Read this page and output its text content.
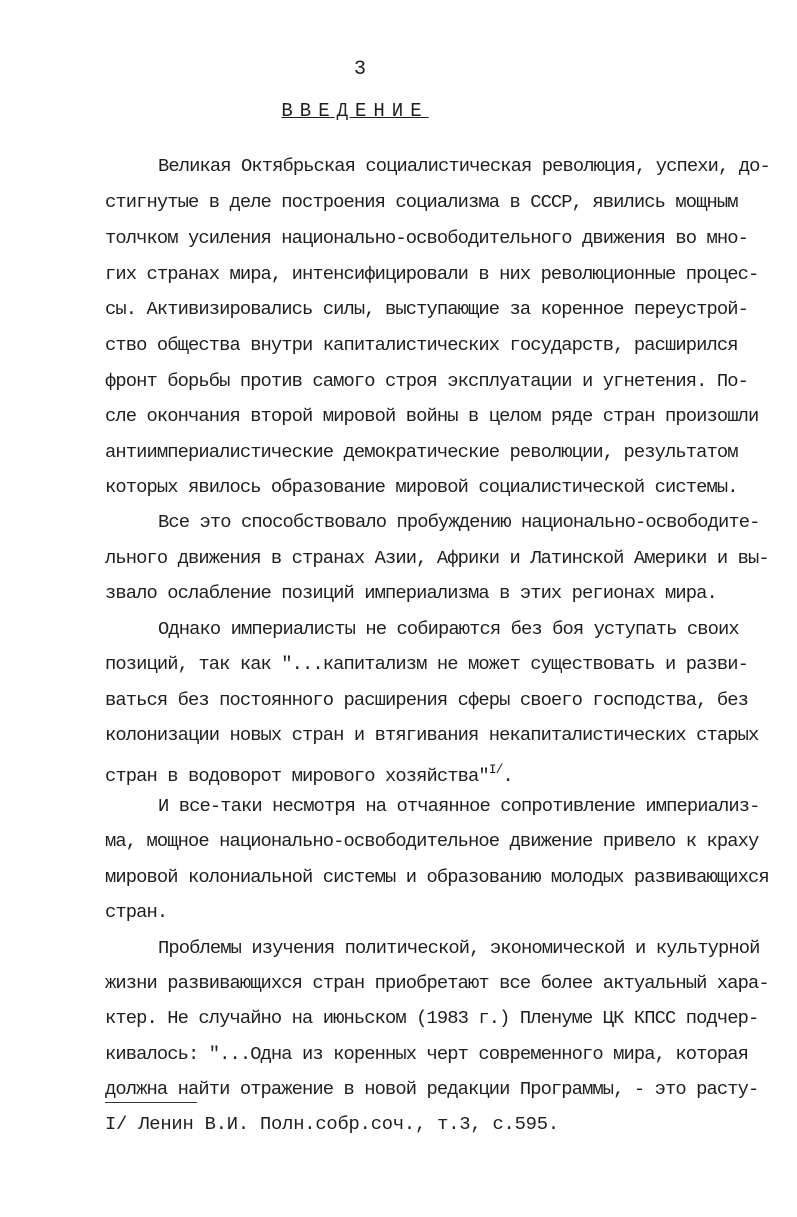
3
ВВЕДЕНИЕ
Великая Октябрьская социалистическая революция, успехи, до-
стигнутые в деле построения социализма в СССР, явились мощным
толчком усиления национально-освободительного движения во мно-
гих странах мира, интенсифицировали в них революционные процес-
сы. Активизировались силы, выступающие за коренное переустрой-
ство общества внутри капиталистических государств, расширился
фронт борьбы против самого строя эксплуатации и угнетения. По-
сле окончания второй мировой войны в целом ряде стран произошли
антиимпериалистические демократические революции, результатом
которых явилось образование мировой социалистической системы.
Все это способствовало пробуждению национально-освободите-
льного движения в странах Азии, Африки и Латинской Америки и вы-
звало ослабление позиций империализма в этих регионах мира.
Однако империалисты не собираются без боя уступать своих
позиций, так как "...капитализм не может существовать и разви-
ваться без постоянного расширения сферы своего господства, без
колонизации новых стран и втягивания некапиталистических старых
стран в водоворот мирового хозяйства"$^{I/}$.
И все-таки несмотря на отчаянное сопротивление империализ-
ма, мощное национально-освободительное движение привело к краху
мировой колониальной системы и образованию молодых развивающихся
стран.
Проблемы изучения политической, экономической и культурной
жизни развивающихся стран приобретают все более актуальный хара-
ктер. Не случайно на июньском (1983 г.) Пленуме ЦК КПСС подчер-
кивалось: "...Одна из коренных черт современного мира, которая
должна найти отражение в новой редакции Программы, - это расту-
I/ Ленин В.И. Полн.собр.соч., т.3, с.595.
